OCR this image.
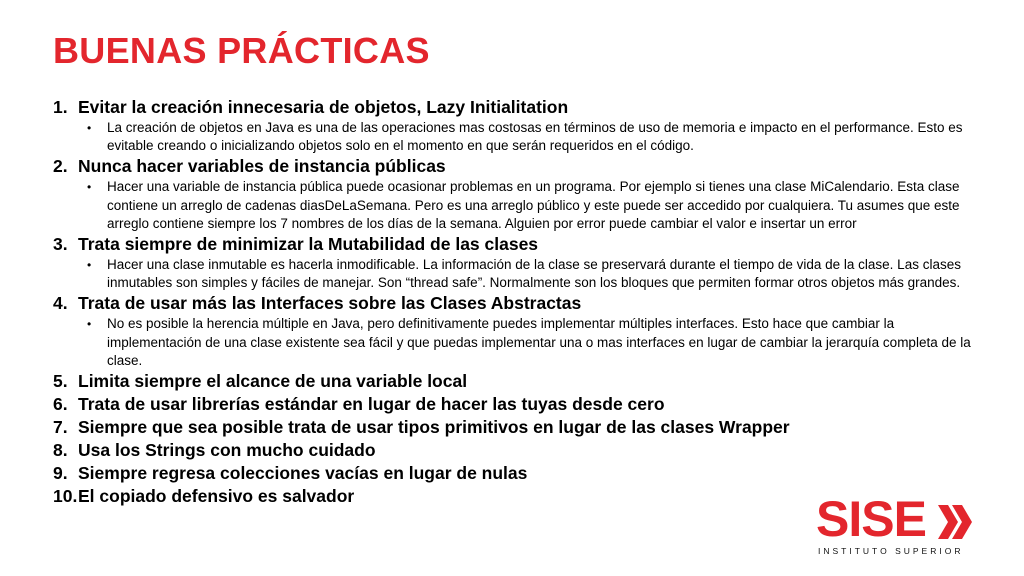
BUENAS PRÁCTICAS
1. Evitar la creación innecesaria de objetos, Lazy Initialitation
•	La creación de objetos en Java es una de las operaciones mas costosas en términos de uso de memoria e impacto en el performance. Esto es evitable creando o inicializando objetos solo en el momento en que serán requeridos en el código.
2. Nunca hacer variables de instancia públicas
•	Hacer una variable de instancia pública puede ocasionar problemas en un programa. Por ejemplo si tienes una clase MiCalendario. Esta clase contiene un arreglo de cadenas diasDeLaSemana. Pero es una arreglo público y este puede ser accedido por cualquiera. Tu asumes que este arreglo contiene siempre los 7 nombres de los días de la semana. Alguien por error puede cambiar el valor e insertar un error
3. Trata siempre de minimizar la Mutabilidad de las clases
•	Hacer una clase inmutable es hacerla inmodificable. La información de la clase se preservará durante el tiempo de vida de la clase. Las clases inmutables son simples y fáciles de manejar. Son “thread safe”. Normalmente son los bloques que permiten formar otros objetos más grandes.
4. Trata de usar más las Interfaces sobre las Clases Abstractas
•	No es posible la herencia múltiple en Java, pero definitivamente puedes implementar múltiples interfaces. Esto hace que cambiar la implementación de una clase existente sea fácil y que puedas implementar una o mas interfaces en lugar de cambiar la jerarquía completa de la clase.
5. Limita siempre el alcance de una variable local
6. Trata de usar librerías estándar en lugar de hacer las tuyas desde cero
7. Siempre que sea posible trata de usar tipos primitivos en lugar de las clases Wrapper
8. Usa los Strings con mucho cuidado
9. Siempre regresa colecciones vacías en lugar de nulas
10. El copiado defensivo es salvador	SISE
INSTITUTO SUPERIOR
